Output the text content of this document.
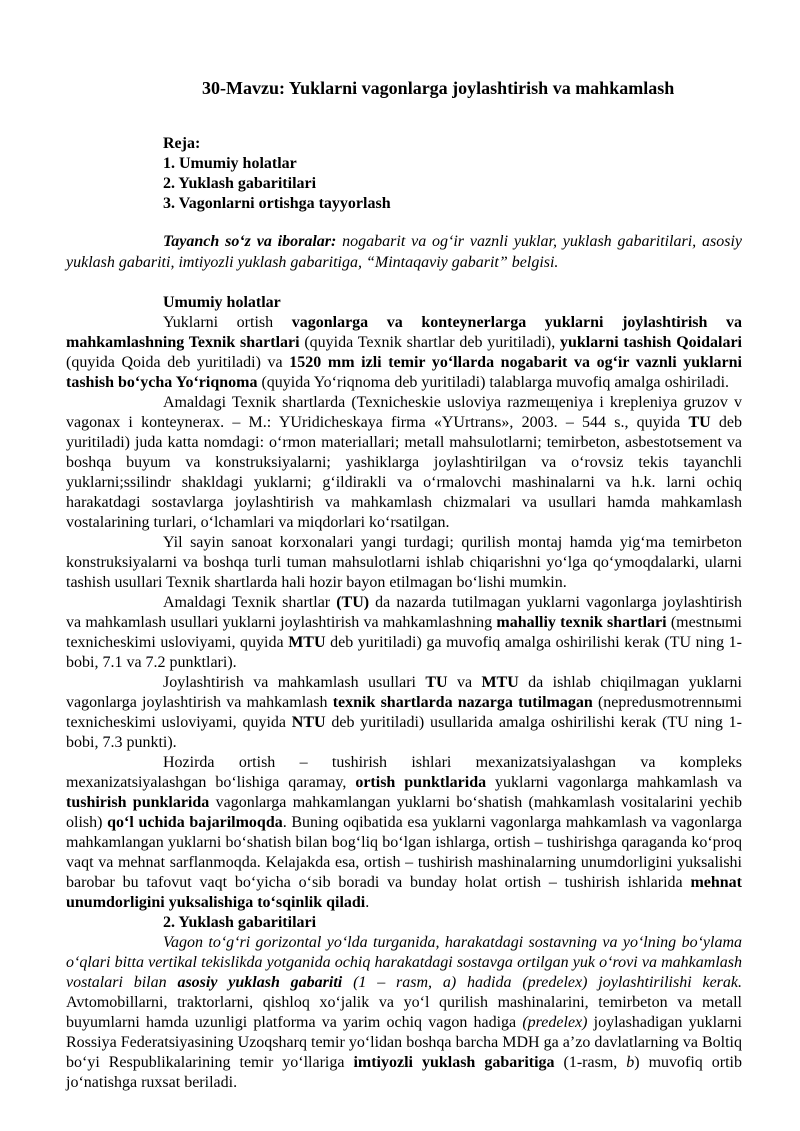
30-Mavzu: Yuklarni vagonlarga joylashtirish va mahkamlash
Reja:
1. Umumiy holatlar
2. Yuklash gabaritilari
3. Vagonlarni ortishga tayyorlash

Tayanch so‘z va iboralar: nogabarit va og‘ir vaznli yuklar, yuklash gabaritilari, asosiy yuklash gabariti, imtiyozli yuklash gabaritiga, “Mintaqaviy gabarit” belgisi.

Umumiy holatlar

Yuklarni ortish vagonlarga va konteynerlarga yuklarni joylashtirish va mahkamlashning Texnik shartlari (quyida Texnik shartlar deb yuritiladi), yuklarni tashish Qoidalari (quyida Qoida deb yuritiladi) va 1520 mm izli temir yo‘llarda nogabarit va og‘ir vaznli yuklarni tashish bo‘ycha Yo‘riqnoma (quyida Yo‘riqnoma deb yuritiladi) talablarga muvofiq amalga oshiriladi.

Amaldagi Texnik shartlarda (Texnicheskie usloviya razmeщeniya i krepleniya gruzov v vagonax i konteynerax. – M.: YUridicheskaya firma «YUrtrans», 2003. – 544 s., quyida TU deb yuritiladi) juda katta nomdagi: o‘rmon materiallari; metall mahsulotlarni; temirbeton, asbestotsement va boshqa buyum va konstruksiyalarni; yashiklarga joylashtirilgan va o‘rovsiz tekis tayanchli yuklarni;ssilindr shakldagi yuklarni; g‘ildirakli va o‘rmalovchi mashinalarni va h.k. larni ochiq harakatdagi sostavlarga joylashtirish va mahkamlash chizmalari va usullari hamda mahkamlash vostalarining turlari, o‘lchamlari va miqdorlari ko‘rsatilgan.

Yil sayin sanoat korxonalari yangi turdagi; qurilish montaj hamda yig‘ma temirbeton konstruksiyalarni va boshqa turli tuman mahsulotlarni ishlab chiqarishni yo‘lga qo‘ymoqdalarki, ularni tashish usullari Texnik shartlarda hali hozir bayon etilmagan bo‘lishi mumkin.

Amaldagi Texnik shartlar (TU) da nazarda tutilmagan yuklarni vagonlarga joylashtirish va mahkamlash usullari yuklarni joylashtirish va mahkamlashning mahalliy texnik shartlari (mestnыmi texnicheskimi usloviyami, quyida MTU deb yuritiladi) ga muvofiq amalga oshirilishi kerak (TU ning 1-bobi, 7.1 va 7.2 punktlari).

Joylashtirish va mahkamlash usullari TU va MTU da ishlab chiqilmagan yuklarni vagonlarga joylashtirish va mahkamlash texnik shartlarda nazarga tutilmagan (nepredusmotrennыmi texnicheskimi usloviyami, quyida NTU deb yuritiladi) usullarida amalga oshirilishi kerak (TU ning 1-bobi, 7.3 punkti).

Hozirda ortish – tushirish ishlari mexanizatsiyalashgan va kompleks mexanizatsiyalashgan bo‘lishiga qaramay, ortish punktlarida yuklarni vagonlarga mahkamlash va tushirish punklarida vagonlarga mahkamlangan yuklarni bo‘shatish (mahkamlash vositalarini yechib olish) qo‘l uchida bajarilmoqda. Buning oqibatida esa yuklarni vagonlarga mahkamlash va vagonlarga mahkamlangan yuklarni bo‘shatish bilan bog‘liq bo‘lgan ishlarga, ortish – tushirishga qaraganda ko‘proq vaqt va mehnat sarflanmoqda. Kelajakda esa, ortish – tushirish mashinalarning unumdorligini yuksalishi barobar bu tafovut vaqt bo‘yicha o‘sib boradi va bunday holat ortish – tushirish ishlarida mehnat unumdorligini yuksalishiga to‘sqinlik qiladi.

2. Yuklash gabaritilari

Vagon to‘g‘ri gorizontal yo‘lda turganida, harakatdagi sostavning va yo‘lning bo‘ylama o‘qlari bitta vertikal tekislikda yotganida ochiq harakatdagi sostavga ortilgan yuk o‘rovi va mahkamlash vostalari bilan asosiy yuklash gabariti (1 – rasm, a) hadida (predelex) joylashtirilishi kerak. Avtomobillarni, traktorlarni, qishloq xo‘jalik va yo‘l qurilish mashinalarini, temirbeton va metall buyumlarni hamda uzunligi platforma va yarim ochiq vagon hadiga (predelex) joylashadigan yuklarni Rossiya Federatsiyasining Uzoqsharq temir yo‘lidan boshqa barcha MDH ga a’zo davlatlarning va Boltiq bo‘yi Respublikalarining temir yo‘llariga imtiyozli yuklash gabaritiga (1-rasm, b) muvofiq ortib jo‘natishga ruxsat beriladi.
